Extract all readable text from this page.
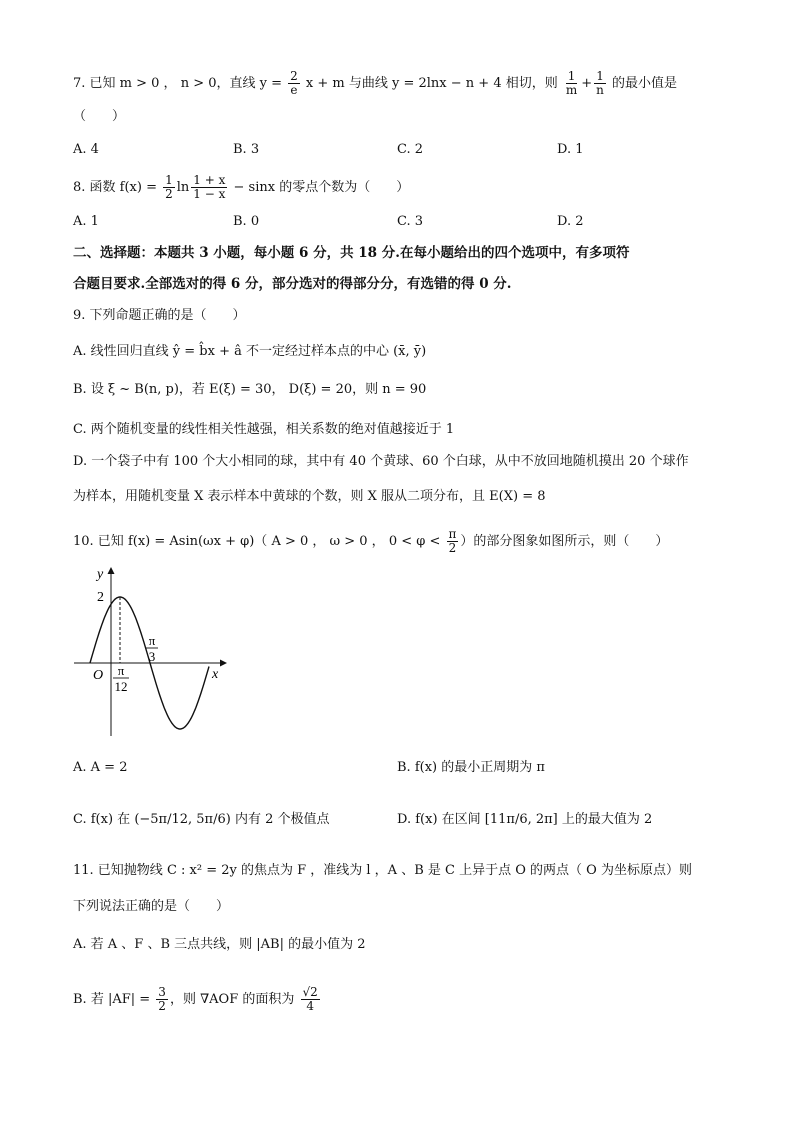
7. 已知 m > 0 ， n > 0，直线 $y = \frac{2}{e}$ x + m 与曲线 y = 2lnx − n + 4 相切，则 $\frac{1}{m} + \frac{1}{n}$ 的最小值是
（　　）
A. 4	B. 3	C. 2	D. 1
8. 函数 $f(x) = \frac{1}{2}$ $\ln \frac{1 + x}{1 - x} - \sin x$ 的零点个数为（　　）
A. 1	B. 0	C. 3	D. 2
二、选择题：本题共 3 小题，每小题 6 分，共 18 分.在每小题给出的四个选项中，有多项符
合题目要求.全部选对的得 6 分，部分选对的得部分分，有选错的得 0 分.
9. 下列命题正确的是（　　）
A. 线性回归直线 ŷ = b̂x + â 不一定经过样本点的中心 (x̄, ȳ)
B. 设 ξ ~ B(n, p)，若 E(ξ) = 30， D(ξ) = 20，则 n = 90
C. 两个随机变量的线性相关性越强，相关系数的绝对值越接近于 1
D. 一个袋子中有 100 个大小相同的球，其中有 40 个黄球、60 个白球，从中不放回地随机摸出 20 个球作
为样本，用随机变量 X 表示样本中黄球的个数，则 X 服从二项分布，且 E(X) = 8
10. 已知 f(x) = Asin(ωx + φ)（ A > 0 ， ω > 0 ， $0 < \varphi < \frac{\pi}{2}$ ）的部分图象如图所示，则（　　）
y
x
O
2
π
12
π
3
A. A = 2	B. f(x) 的最小正周期为 π
C. f(x) 在 (−5π/12, 5π/6) 内有 2 个极值点	D. f(x) 在区间 [11π/6, 2π] 上的最大值为 2
11. 已知抛物线 C : x² = 2y 的焦点为 F ，准线为 l ，A 、B 是 C 上异于点 O 的两点（ O 为坐标原点）则
下列说法正确的是（　　）
A. 若 A 、F 、B 三点共线，则 |AB| 的最小值为 2
B. 若 $|AF| = \frac{3}{2}$ ，则 ∇AOF 的面积为 $\frac{√2}{4}$
